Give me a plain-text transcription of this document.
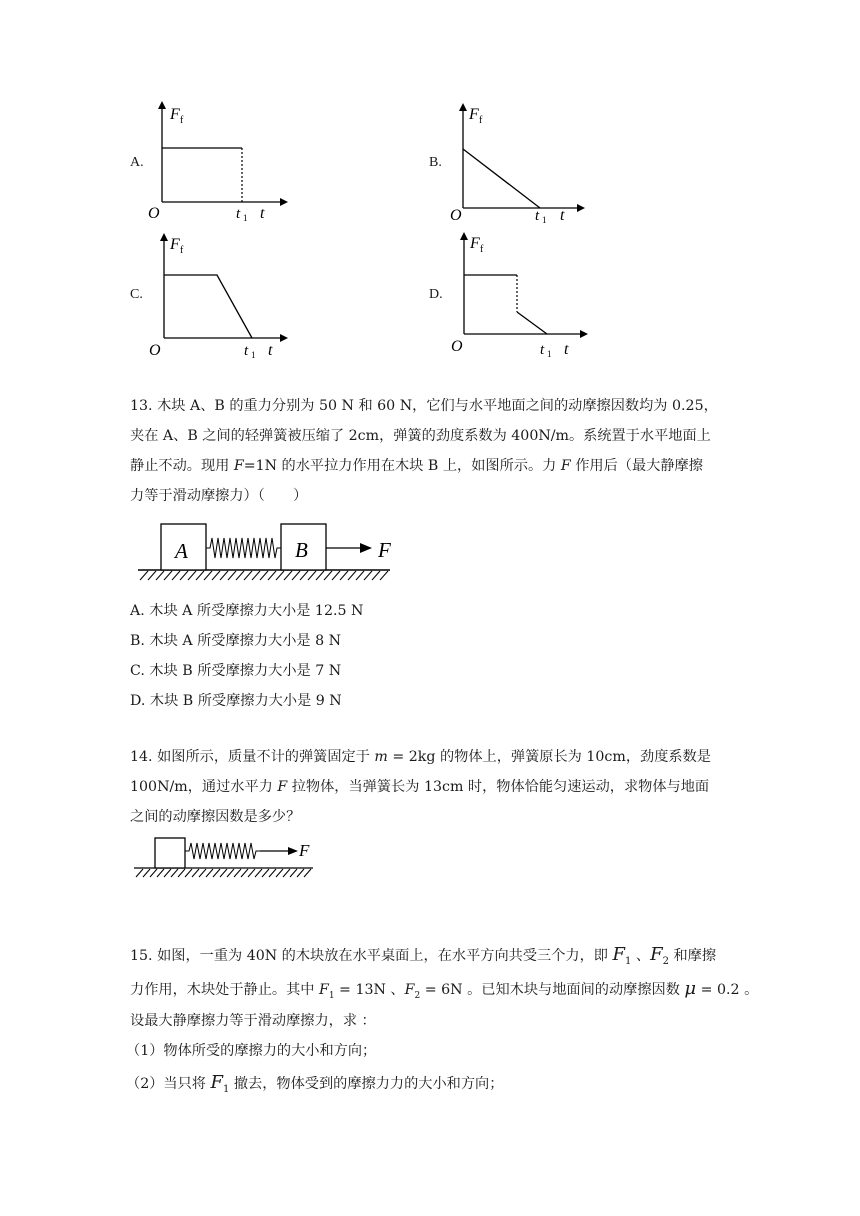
A.
F f
O	t 1 t
B.
F f
O	t 1 t
C.
F f
O	t 1 t
D.
F f
O	t 1 t
13. 木块 A、B 的重力分别为 50 N 和 60 N，它们与水平地面之间的动摩擦因数均为 0.25，
夹在 A、B 之间的轻弹簧被压缩了 2cm，弹簧的劲度系数为 400N/m。系统置于水平地面上
静止不动。现用 F=1N 的水平拉力作用在木块 B 上，如图所示。力 F 作用后（最大静摩擦
力等于滑动摩擦力）（　　）
A	B	F
A. 木块 A 所受摩擦力大小是 12.5 N
B. 木块 A 所受摩擦力大小是 8 N
C. 木块 B 所受摩擦力大小是 7 N
D. 木块 B 所受摩擦力大小是 9 N
14. 如图所示，质量不计的弹簧固定于 m = 2kg 的物体上，弹簧原长为 10cm，劲度系数是
100N/m，通过水平力 F 拉物体，当弹簧长为 13cm 时，物体恰能匀速运动，求物体与地面
之间的动摩擦因数是多少？
F
15. 如图，一重为 40N 的木块放在水平桌面上，在水平方向共受三个力，即 $F_1$ 、$F_2$ 和摩擦
力作用，木块处于静止。其中 $F_1 = 13N$ 、$F_2 = 6N$ 。已知木块与地面间的动摩擦因数 μ = 0.2 。
设最大静摩擦力等于滑动摩擦力，求 ：
（1）物体所受的摩擦力的大小和方向；
（2）当只将 $F_1$ 撤去，物体受到的摩擦力力的大小和方向；
